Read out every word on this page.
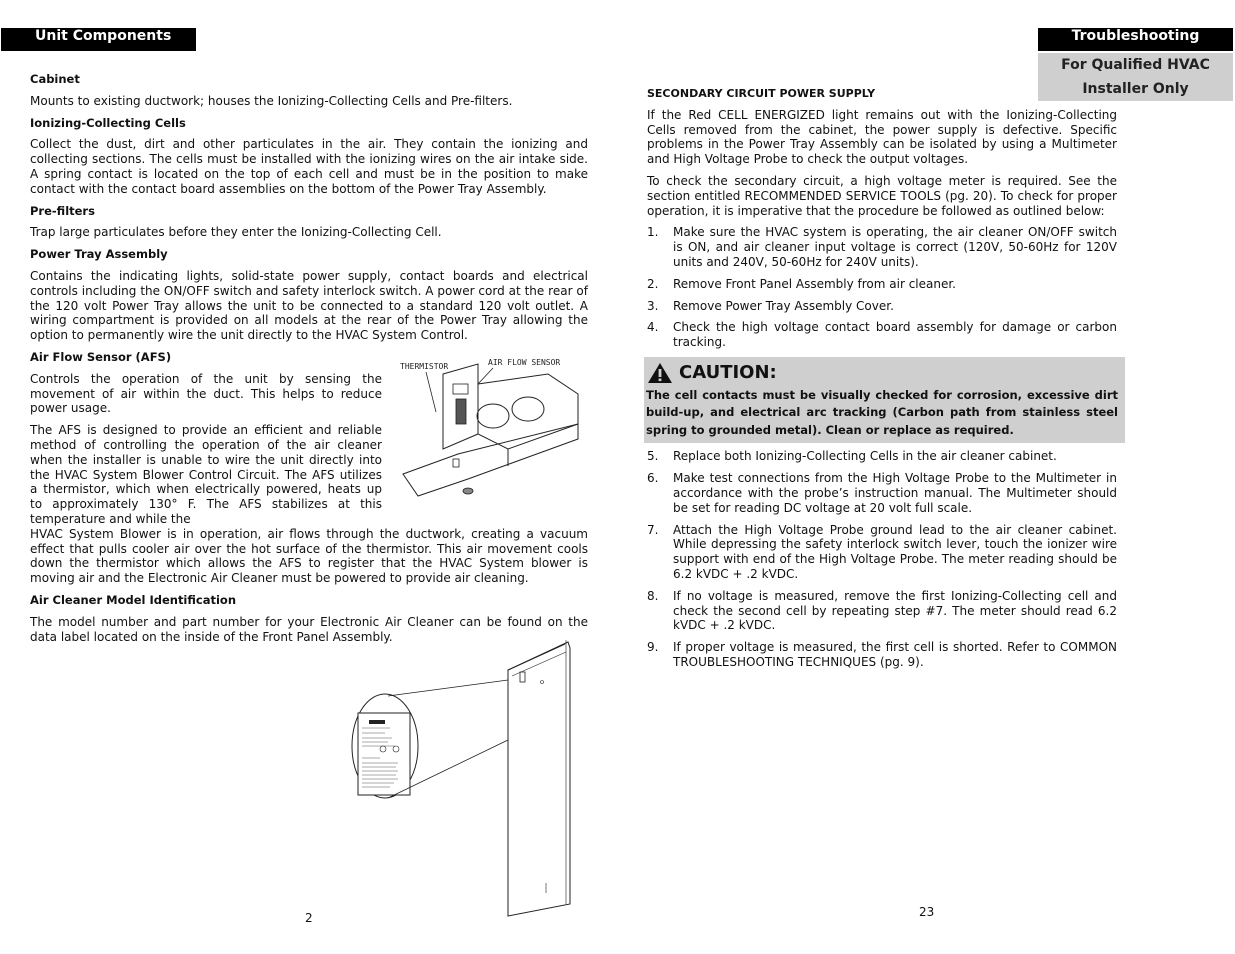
Unit Components	Troubleshooting
For Qualified HVAC
Installer Only
Cabinet

Mounts to existing ductwork; houses the Ionizing-Collecting Cells and Pre-filters.

Ionizing-Collecting Cells

Collect the dust, dirt and other particulates in the air. They contain the ionizing and collecting sections. The cells must be installed with the ionizing wires on the air intake side. A spring contact is located on the top of each cell and must be in the position to make contact with the contact board assemblies on the bottom of the Power Tray Assembly.

Pre-filters

Trap large particulates before they enter the Ionizing-Collecting Cell.

Power Tray Assembly

Contains the indicating lights, solid-state power supply, contact boards and electrical controls including the ON/OFF switch and safety interlock switch. A power cord at the rear of the 120 volt Power Tray allows the unit to be connected to a standard 120 volt outlet. A wiring compartment is provided on all models at the rear of the Power Tray allowing the option to permanently wire the unit directly to the HVAC System Control.

Air Flow Sensor (AFS)

Controls the operation of the unit by sensing the movement of air within the duct. This helps to reduce power usage.

The AFS is designed to provide an efficient and reliable method of controlling the operation of the air cleaner when the installer is unable to wire the unit directly into the HVAC System Blower Control Circuit. The AFS utilizes a thermistor, which when electrically powered, heats up to approximately 130° F. The AFS stabilizes at this temperature and while the

HVAC System Blower is in operation, air flows through the ductwork, creating a vacuum effect that pulls cooler air over the hot surface of the thermistor. This air movement cools down the thermistor which allows the AFS to register that the HVAC System blower is moving air and the Electronic Air Cleaner must be powered to provide air cleaning.

Air Cleaner Model Identification

The model number and part number for your Electronic Air Cleaner can be found on the data label located on the inside of the Front Panel Assembly.

THERMISTOR	AIR FLOW SENSOR
2
SECONDARY CIRCUIT POWER SUPPLY

If the Red CELL ENERGIZED light remains out with the Ionizing-Collecting Cells removed from the cabinet, the power supply is defective. Specific problems in the Power Tray Assembly can be isolated by using a Multimeter and High Voltage Probe to check the output voltages.

To check the secondary circuit, a high voltage meter is required. See the section entitled RECOMMENDED SERVICE TOOLS (pg. 20). To check for proper operation, it is imperative that the procedure be followed as outlined below:

1. Make sure the HVAC system is operating, the air cleaner ON/OFF switch is ON, and air cleaner input voltage is correct (120V, 50-60Hz for 120V units and 240V, 50-60Hz for 240V units).
2. Remove Front Panel Assembly from air cleaner.
3. Remove Power Tray Assembly Cover.
4. Check the high voltage contact board assembly for damage or carbon tracking.
CAUTION:
The cell contacts must be visually checked for corrosion, excessive dirt build-up, and electrical arc tracking (Carbon path from stainless steel spring to grounded metal). Clean or replace as required.
5. Replace both Ionizing-Collecting Cells in the air cleaner cabinet.
6. Make test connections from the High Voltage Probe to the Multimeter in accordance with the probe’s instruction manual. The Multimeter should be set for reading DC voltage at 20 volt full scale.
7. Attach the High Voltage Probe ground lead to the air cleaner cabinet. While depressing the safety interlock switch lever, touch the ionizer wire support with end of the High Voltage Probe. The meter reading should be 6.2 kVDC + .2 kVDC.
8. If no voltage is measured, remove the first Ionizing-Collecting cell and check the second cell by repeating step #7. The meter should read 6.2 kVDC + .2 kVDC.
9. If proper voltage is measured, the first cell is shorted. Refer to COMMON TROUBLESHOOTING TECHNIQUES (pg. 9).
23
